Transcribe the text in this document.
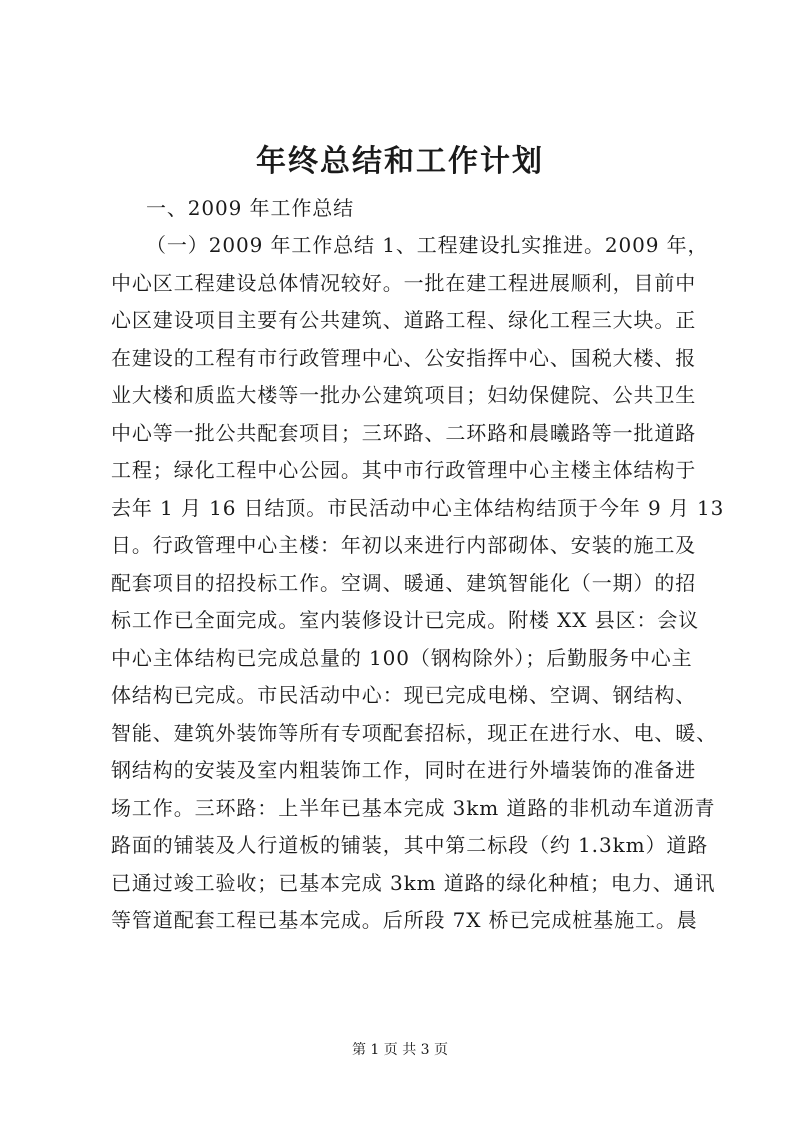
年终总结和工作计划
一、2009 年工作总结
（一）2009 年工作总结 1、工程建设扎实推进。2009 年，
中心区工程建设总体情况较好。一批在建工程进展顺利，目前中
心区建设项目主要有公共建筑、道路工程、绿化工程三大块。正
在建设的工程有市行政管理中心、公安指挥中心、国税大楼、报
业大楼和质监大楼等一批办公建筑项目；妇幼保健院、公共卫生
中心等一批公共配套项目；三环路、二环路和晨曦路等一批道路
工程；绿化工程中心公园。其中市行政管理中心主楼主体结构于
去年 1 月 16 日结顶。市民活动中心主体结构结顶于今年 9 月 13
日。行政管理中心主楼：年初以来进行内部砌体、安装的施工及
配套项目的招投标工作。空调、暖通、建筑智能化（一期）的招
标工作已全面完成。室内装修设计已完成。附楼 XX 县区：会议
中心主体结构已完成总量的 100（钢构除外）；后勤服务中心主
体结构已完成。市民活动中心：现已完成电梯、空调、钢结构、
智能、建筑外装饰等所有专项配套招标，现正在进行水、电、暖、
钢结构的安装及室内粗装饰工作，同时在进行外墙装饰的准备进
场工作。三环路：上半年已基本完成 3km 道路的非机动车道沥青
路面的铺装及人行道板的铺装，其中第二标段（约 1.3km）道路
已通过竣工验收；已基本完成 3km 道路的绿化种植；电力、通讯
等管道配套工程已基本完成。后所段 7X 桥已完成桩基施工。晨
第 1 页 共 3 页
